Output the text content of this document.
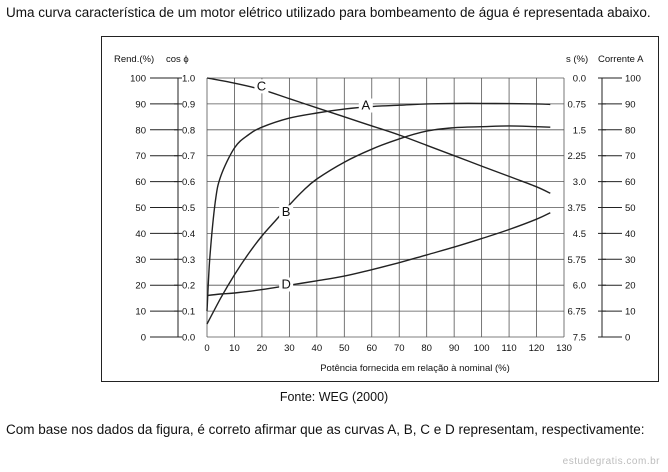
Uma curva característica de um motor elétrico utilizado para bombeamento de água é representada abaixo.

0 10 20 30 40 50 60 70 80 90 100 110 120 130
0
10
20
30
40
50
60
70
80
90
100
0.0
0.1
0.2
0.3
0.4
0.5
0.6
0.7
0.8
0.9
1.0
7.5
6.75
6.0
5.75
4.5
3.75
3.0
2.25
1.5
0.75
0.0
0
10
20
30
40
50
60
70
80
90
100
A
B
C
D
Rend.(%) cos ϕ	s (%) Corrente A
Potência fornecida em relação à nominal (%)

Fonte: WEG (2000)

Com base nos dados da figura, é correto afirmar que as curvas A, B, C e D representam, respectivamente:

estudegratis.com.br
